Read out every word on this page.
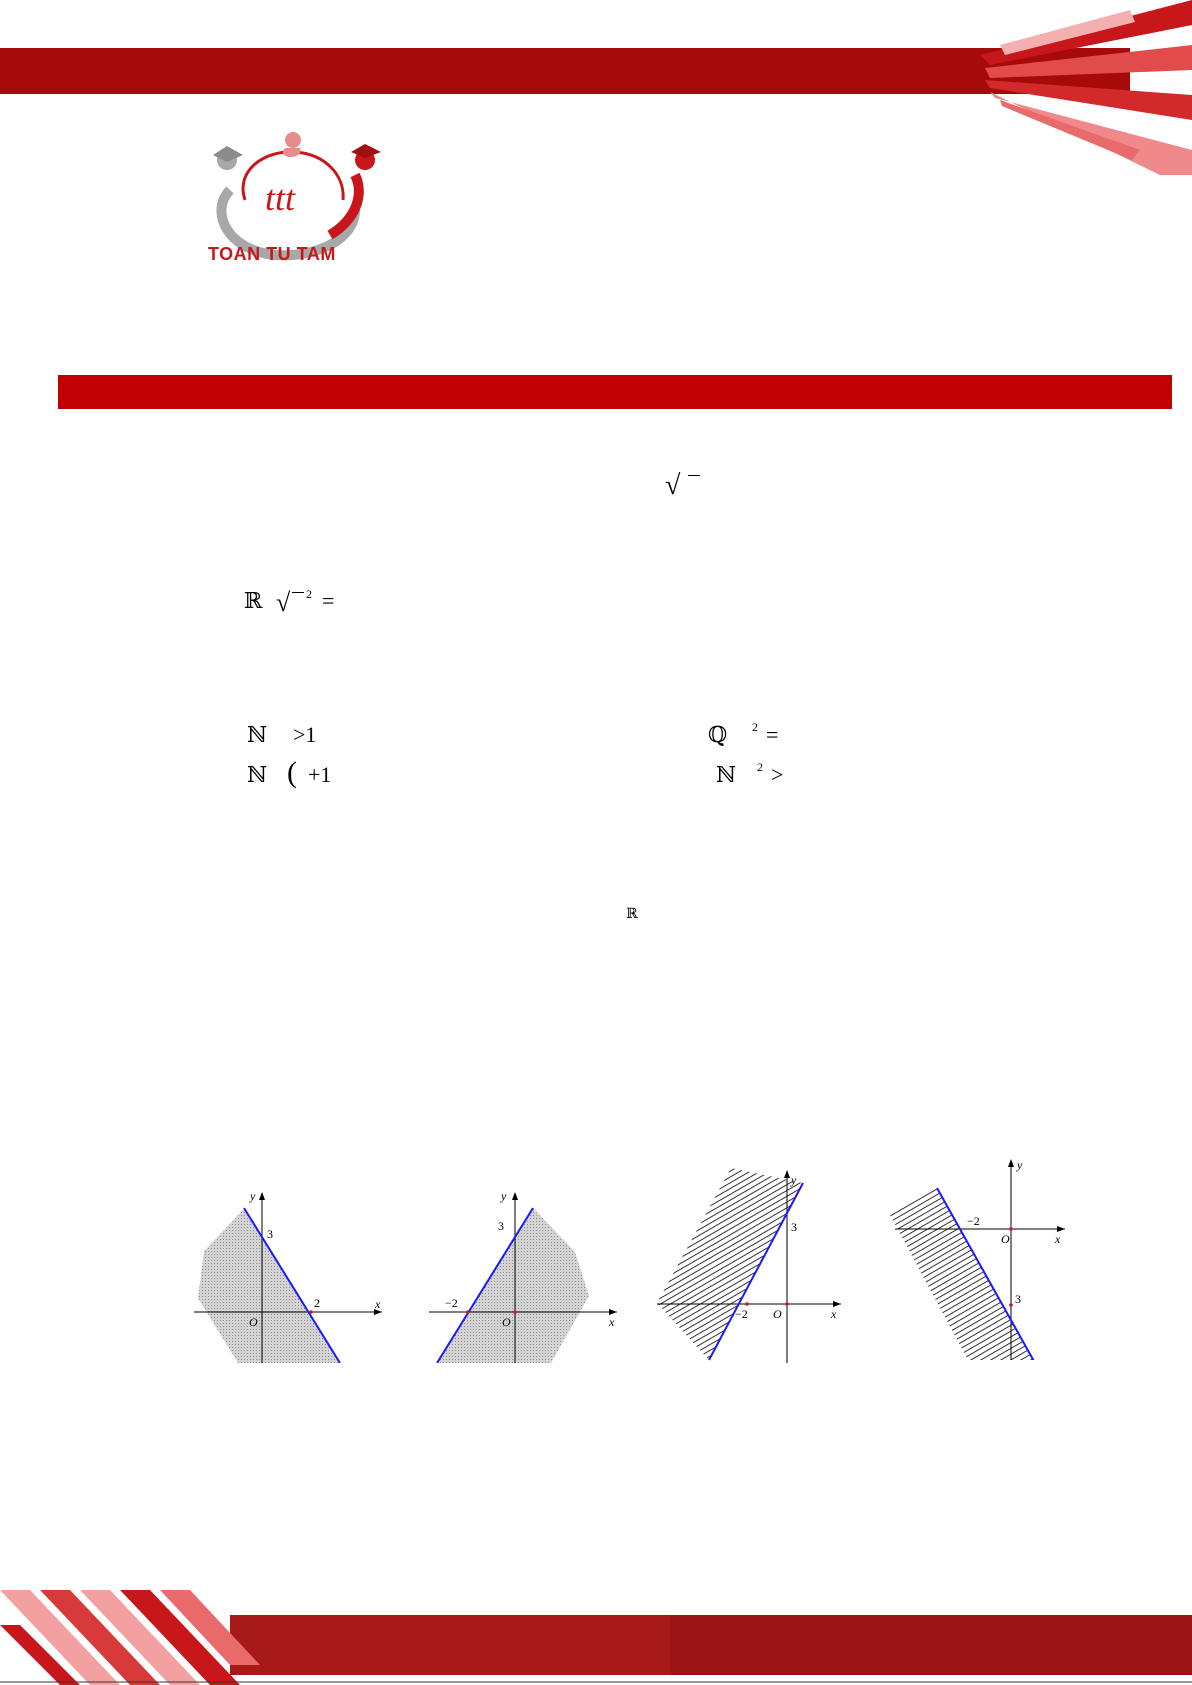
ttt
TOAN TU TAM
√
ℝ √ 2 =
ℕ >1	ℚ 2 =
ℕ ( +1	ℕ 2 >
ℝ
x
y
O
2
3
x
y
O
−2
3
x
y
O
−2
3
x
y
O
−2
3
